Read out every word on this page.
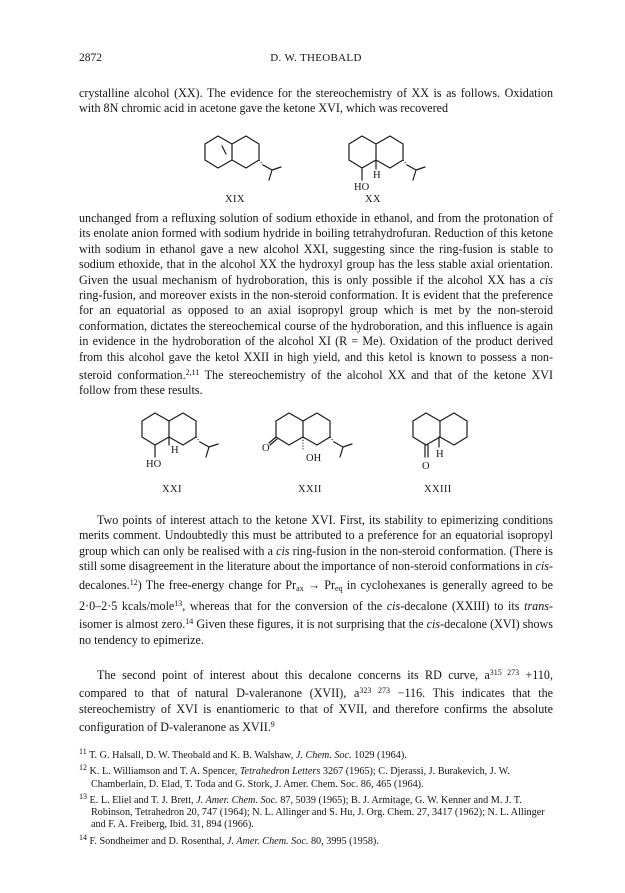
2872	D. W. THEOBALD

crystalline alcohol (XX). The evidence for the stereochemistry of XX is as follows. Oxidation with 8N chromic acid in acetone gave the ketone XVI, which was recovered

H
HO
XIX	XX

unchanged from a refluxing solution of sodium ethoxide in ethanol, and from the protonation of its enolate anion formed with sodium hydride in boiling tetrahydrofuran. Reduction of this ketone with sodium in ethanol gave a new alcohol XXI, suggesting since the ring-fusion is stable to sodium ethoxide, that in the alcohol XX the hydroxyl group has the less stable axial orientation. Given the usual mechanism of hydroboration, this is only possible if the alcohol XX has a cis ring-fusion, and moreover exists in the non-steroid conformation. It is evident that the preference for an equatorial as opposed to an axial isopropyl group which is met by the non-steroid conformation, dictates the stereochemical course of the hydroboration, and this influence is again in evidence in the hydroboration of the alcohol XI (R = Me). Oxidation of the product derived from this alcohol gave the ketol XXII in high yield, and this ketol is known to possess a non-steroid conformation.$^{2,11}$ The stereochemistry of the alcohol XX and that of the ketone XVI follow from these results.

H
HO
O
OH
O
H
XXI	XXII	XXIII

Two points of interest attach to the ketone XVI. First, its stability to epimerizing conditions merits comment. Undoubtedly this must be attributed to a preference for an equatorial isopropyl group which can only be realised with a cis ring-fusion in the non-steroid conformation. (There is still some disagreement in the literature about the importance of non-steroid conformations in cis-decalones.$^{12}$) The free-energy change for $Pr_{ax} \to Pr_{eq}$ in cyclohexanes is generally agreed to be 2·0–2·5 kcals/mole$^{13}$, whereas that for the conversion of the cis-decalone (XXIII) to its trans-isomer is almost zero.$^{14}$ Given these figures, it is not surprising that the cis-decalone (XVI) shows no tendency to epimerize.

The second point of interest about this decalone concerns its RD curve, $a^{315 273} +110$, compared to that of natural D-valeranone (XVII), $a^{323 273} -116$. This indicates that the stereochemistry of XVI is enantiomeric to that of XVII, and therefore confirms the absolute configuration of D-valeranone as XVII.$^9$

$^{11}$ T. G. Halsall, D. W. Theobald and K. B. Walshaw, J. Chem. Soc. 1029 (1964).

$^{12}$ K. L. Williamson and T. A. Spencer, Tetrahedron Letters 3267 (1965); C. Djerassi, J. Burakevich, J. W. Chamberlain, D. Elad, T. Toda and G. Stork, J. Amer. Chem. Soc. 86, 465 (1964).

$^{13}$ E. L. Eliel and T. J. Brett, J. Amer. Chem. Soc. 87, 5039 (1965); B. J. Armitage, G. W. Kenner and M. J. T. Robinson, Tetrahedron 20, 747 (1964); N. L. Allinger and S. Hu, J. Org. Chem. 27, 3417 (1962); N. L. Allinger and F. A. Freiberg, Ibid. 31, 894 (1966).

$^{14}$ F. Sondheimer and D. Rosenthal, J. Amer. Chem. Soc. 80, 3995 (1958).
